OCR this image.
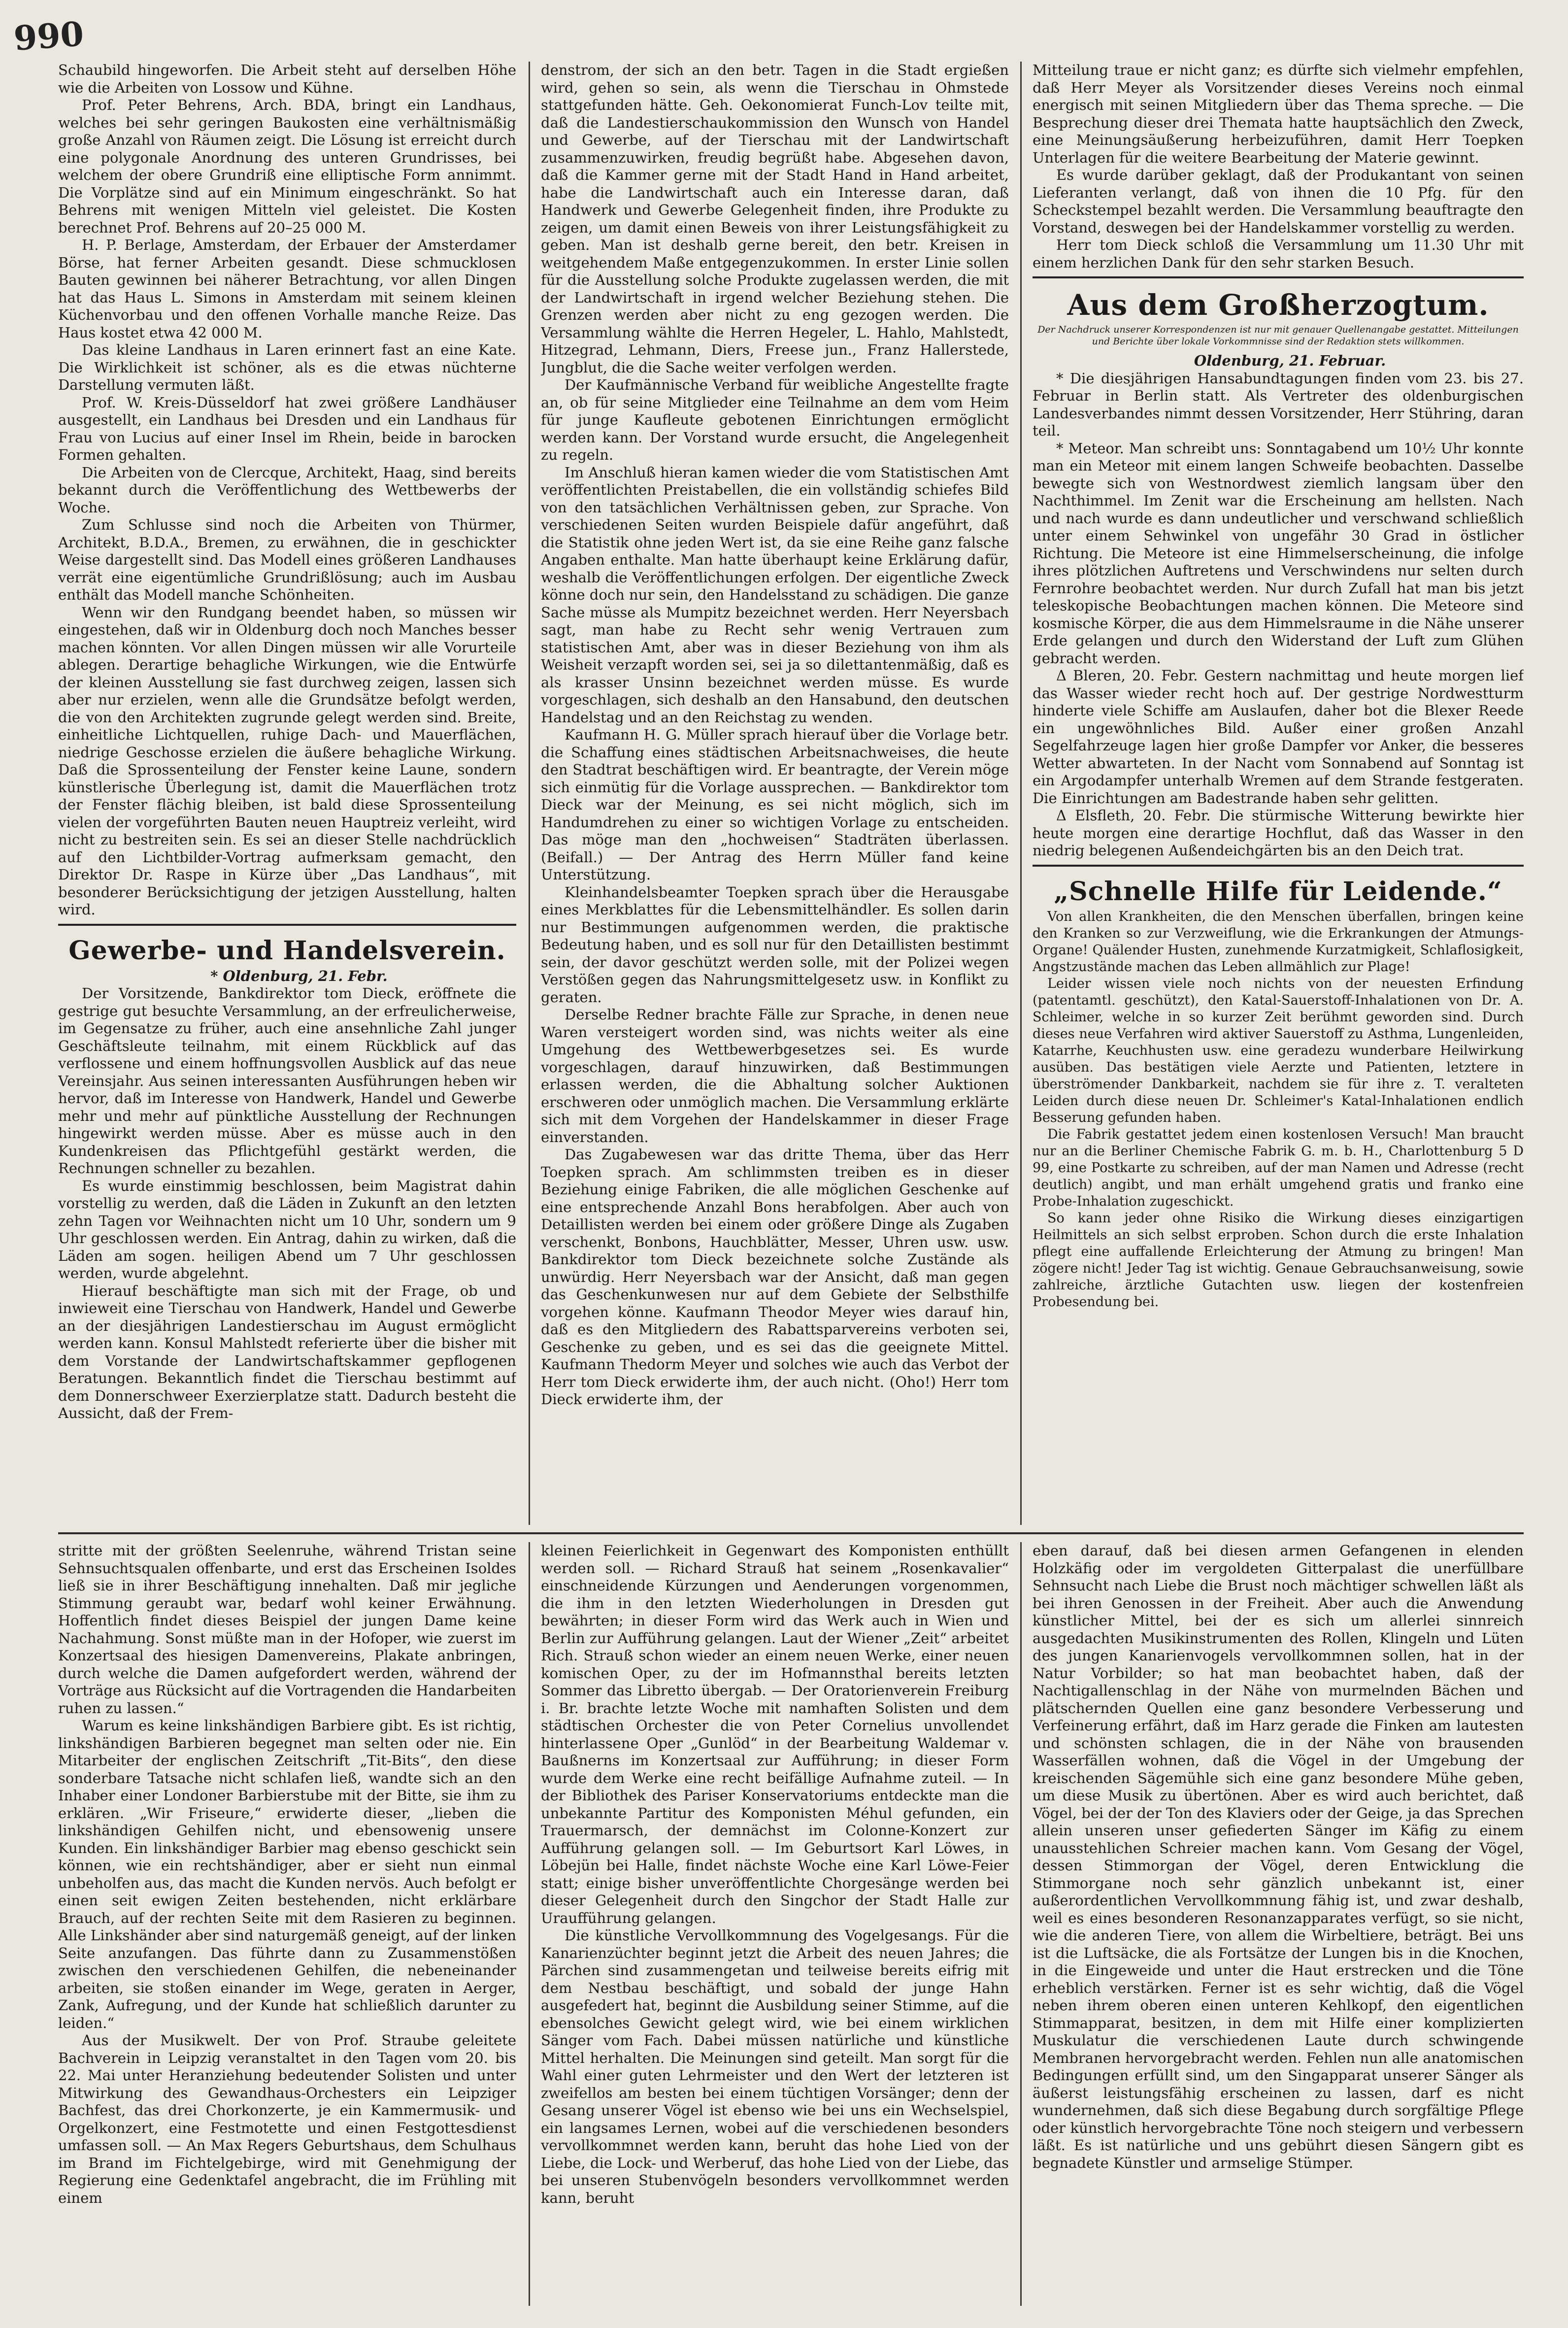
990

Schaubild hingeworfen. Die Arbeit steht auf derselben Höhe wie die Arbeiten von Lossow und Kühne.

Prof. Peter Behrens, Arch. BDA, bringt ein Landhaus, welches bei sehr geringen Baukosten eine verhältnismäßig große Anzahl von Räumen zeigt. Die Lösung ist erreicht durch eine polygonale Anordnung des unteren Grundrisses, bei welchem der obere Grundriß eine elliptische Form annimmt. Die Vorplätze sind auf ein Minimum eingeschränkt. So hat Behrens mit wenigen Mitteln viel geleistet. Die Kosten berechnet Prof. Behrens auf 20–25 000 M.

H. P. Berlage, Amsterdam, der Erbauer der Amsterdamer Börse, hat ferner Arbeiten gesandt. Diese schmucklosen Bauten gewinnen bei näherer Betrachtung, vor allen Dingen hat das Haus L. Simons in Amsterdam mit seinem kleinen Küchenvorbau und den offenen Vorhalle manche Reize. Das Haus kostet etwa 42 000 M.

Das kleine Landhaus in Laren erinnert fast an eine Kate. Die Wirklichkeit ist schöner, als es die etwas nüchterne Darstellung vermuten läßt.

Prof. W. Kreis-Düsseldorf hat zwei größere Landhäuser ausgestellt, ein Landhaus bei Dresden und ein Landhaus für Frau von Lucius auf einer Insel im Rhein, beide in barocken Formen gehalten.

Die Arbeiten von de Clercque, Architekt, Haag, sind bereits bekannt durch die Veröffentlichung des Wettbewerbs der Woche.

Zum Schlusse sind noch die Arbeiten von Thürmer, Architekt, B.D.A., Bremen, zu erwähnen, die in geschickter Weise dargestellt sind. Das Modell eines größeren Landhauses verrät eine eigentümliche Grundrißlösung; auch im Ausbau enthält das Modell manche Schönheiten.

Wenn wir den Rundgang beendet haben, so müssen wir eingestehen, daß wir in Oldenburg doch noch Manches besser machen könnten. Vor allen Dingen müssen wir alle Vorurteile ablegen. Derartige behagliche Wirkungen, wie die Entwürfe der kleinen Ausstellung sie fast durchweg zeigen, lassen sich aber nur erzielen, wenn alle die Grundsätze befolgt werden, die von den Architekten zugrunde gelegt werden sind. Breite, einheitliche Lichtquellen, ruhige Dach- und Mauerflächen, niedrige Geschosse erzielen die äußere behagliche Wirkung. Daß die Sprossenteilung der Fenster keine Laune, sondern künstlerische Überlegung ist, damit die Mauerflächen trotz der Fenster flächig bleiben, ist bald diese Sprossenteilung vielen der vorgeführten Bauten neuen Hauptreiz verleiht, wird nicht zu bestreiten sein. Es sei an dieser Stelle nachdrücklich auf den Lichtbilder-Vortrag aufmerksam gemacht, den Direktor Dr. Raspe in Kürze über „Das Landhaus“, mit besonderer Berücksichtigung der jetzigen Ausstellung, halten wird.

Gewerbe- und Handelsverein.

* Oldenburg, 21. Febr.

Der Vorsitzende, Bankdirektor tom Dieck, eröffnete die gestrige gut besuchte Versammlung, an der erfreulicherweise, im Gegensatze zu früher, auch eine ansehnliche Zahl junger Geschäftsleute teilnahm, mit einem Rückblick auf das verflossene und einem hoffnungsvollen Ausblick auf das neue Vereinsjahr. Aus seinen interessanten Ausführungen heben wir hervor, daß im Interesse von Handwerk, Handel und Gewerbe mehr und mehr auf pünktliche Ausstellung der Rechnungen hingewirkt werden müsse. Aber es müsse auch in den Kundenkreisen das Pflichtgefühl gestärkt werden, die Rechnungen schneller zu bezahlen.

Es wurde einstimmig beschlossen, beim Magistrat dahin vorstellig zu werden, daß die Läden in Zukunft an den letzten zehn Tagen vor Weihnachten nicht um 10 Uhr, sondern um 9 Uhr geschlossen werden. Ein Antrag, dahin zu wirken, daß die Läden am sogen. heiligen Abend um 7 Uhr geschlossen werden, wurde abgelehnt.

Hierauf beschäftigte man sich mit der Frage, ob und inwieweit eine Tierschau von Handwerk, Handel und Gewerbe an der diesjährigen Landestierschau im August ermöglicht werden kann. Konsul Mahlstedt referierte über die bisher mit dem Vorstande der Landwirtschaftskammer gepflogenen Beratungen. Bekanntlich findet die Tierschau bestimmt auf dem Donnerschweer Exerzierplatze statt. Dadurch besteht die Aussicht, daß der Frem-

denstrom, der sich an den betr. Tagen in die Stadt ergießen wird, gehen so sein, als wenn die Tierschau in Ohmstede stattgefunden hätte. Geh. Oekonomierat Funch-Lov teilte mit, daß die Landestierschaukommission den Wunsch von Handel und Gewerbe, auf der Tierschau mit der Landwirtschaft zusammenzuwirken, freudig begrüßt habe. Abgesehen davon, daß die Kammer gerne mit der Stadt Hand in Hand arbeitet, habe die Landwirtschaft auch ein Interesse daran, daß Handwerk und Gewerbe Gelegenheit finden, ihre Produkte zu zeigen, um damit einen Beweis von ihrer Leistungsfähigkeit zu geben. Man ist deshalb gerne bereit, den betr. Kreisen in weitgehendem Maße entgegenzukommen. In erster Linie sollen für die Ausstellung solche Produkte zugelassen werden, die mit der Landwirtschaft in irgend welcher Beziehung stehen. Die Grenzen werden aber nicht zu eng gezogen werden. Die Versammlung wählte die Herren Hegeler, L. Hahlo, Mahlstedt, Hitzegrad, Lehmann, Diers, Freese jun., Franz Hallerstede, Jungblut, die die Sache weiter verfolgen werden.

Der Kaufmännische Verband für weibliche Angestellte fragte an, ob für seine Mitglieder eine Teilnahme an dem vom Heim für junge Kaufleute gebotenen Einrichtungen ermöglicht werden kann. Der Vorstand wurde ersucht, die Angelegenheit zu regeln.

Im Anschluß hieran kamen wieder die vom Statistischen Amt veröffentlichten Preistabellen, die ein vollständig schiefes Bild von den tatsächlichen Verhältnissen geben, zur Sprache. Von verschiedenen Seiten wurden Beispiele dafür angeführt, daß die Statistik ohne jeden Wert ist, da sie eine Reihe ganz falsche Angaben enthalte. Man hatte überhaupt keine Erklärung dafür, weshalb die Veröffentlichungen erfolgen. Der eigentliche Zweck könne doch nur sein, den Handelsstand zu schädigen. Die ganze Sache müsse als Mumpitz bezeichnet werden. Herr Neyersbach sagt, man habe zu Recht sehr wenig Vertrauen zum statistischen Amt, aber was in dieser Beziehung von ihm als Weisheit verzapft worden sei, sei ja so dilettantenmäßig, daß es als krasser Unsinn bezeichnet werden müsse. Es wurde vorgeschlagen, sich deshalb an den Hansabund, den deutschen Handelstag und an den Reichstag zu wenden.

Kaufmann H. G. Müller sprach hierauf über die Vorlage betr. die Schaffung eines städtischen Arbeitsnachweises, die heute den Stadtrat beschäftigen wird. Er beantragte, der Verein möge sich einmütig für die Vorlage aussprechen. — Bankdirektor tom Dieck war der Meinung, es sei nicht möglich, sich im Handumdrehen zu einer so wichtigen Vorlage zu entscheiden. Das möge man den „hochweisen“ Stadträten überlassen. (Beifall.) — Der Antrag des Herrn Müller fand keine Unterstützung.

Kleinhandelsbeamter Toepken sprach über die Herausgabe eines Merkblattes für die Lebensmittelhändler. Es sollen darin nur Bestimmungen aufgenommen werden, die praktische Bedeutung haben, und es soll nur für den Detaillisten bestimmt sein, der davor geschützt werden solle, mit der Polizei wegen Verstößen gegen das Nahrungsmittelgesetz usw. in Konflikt zu geraten.

Derselbe Redner brachte Fälle zur Sprache, in denen neue Waren versteigert worden sind, was nichts weiter als eine Umgehung des Wettbewerbgesetzes sei. Es wurde vorgeschlagen, darauf hinzuwirken, daß Bestimmungen erlassen werden, die die Abhaltung solcher Auktionen erschweren oder unmöglich machen. Die Versammlung erklärte sich mit dem Vorgehen der Handelskammer in dieser Frage einverstanden.

Das Zugabewesen war das dritte Thema, über das Herr Toepken sprach. Am schlimmsten treiben es in dieser Beziehung einige Fabriken, die alle möglichen Geschenke auf eine entsprechende Anzahl Bons herabfolgen. Aber auch von Detaillisten werden bei einem oder größere Dinge als Zugaben verschenkt, Bonbons, Hauchblätter, Messer, Uhren usw. usw. Bankdirektor tom Dieck bezeichnete solche Zustände als unwürdig. Herr Neyersbach war der Ansicht, daß man gegen das Geschenkunwesen nur auf dem Gebiete der Selbsthilfe vorgehen könne. Kaufmann Theodor Meyer wies darauf hin, daß es den Mitgliedern des Rabattsparvereins verboten sei, Geschenke zu geben, und es sei das die geeignete Mittel. Kaufmann Thedorm Meyer und solches wie auch das Verbot der Herr tom Dieck erwiderte ihm, der auch nicht. (Oho!) Herr tom Dieck erwiderte ihm, der

Mitteilung traue er nicht ganz; es dürfte sich vielmehr empfehlen, daß Herr Meyer als Vorsitzender dieses Vereins noch einmal energisch mit seinen Mitgliedern über das Thema spreche. — Die Besprechung dieser drei Themata hatte hauptsächlich den Zweck, eine Meinungsäußerung herbeizuführen, damit Herr Toepken Unterlagen für die weitere Bearbeitung der Materie gewinnt.

Es wurde darüber geklagt, daß der Produkantant von seinen Lieferanten verlangt, daß von ihnen die 10 Pfg. für den Scheckstempel bezahlt werden. Die Versammlung beauftragte den Vorstand, deswegen bei der Handelskammer vorstellig zu werden.

Herr tom Dieck schloß die Versammlung um 11.30 Uhr mit einem herzlichen Dank für den sehr starken Besuch.

Aus dem Großherzogtum.
Der Nachdruck unserer Korrespondenzen ist nur mit genauer Quellenangabe gestattet. Mitteilungen und Berichte über lokale Vorkommnisse sind der Redaktion stets willkommen.

Oldenburg, 21. Februar.

* Die diesjährigen Hansabundtagungen finden vom 23. bis 27. Februar in Berlin statt. Als Vertreter des oldenburgischen Landesverbandes nimmt dessen Vorsitzender, Herr Stühring, daran teil.

* Meteor. Man schreibt uns: Sonntagabend um 10½ Uhr konnte man ein Meteor mit einem langen Schweife beobachten. Dasselbe bewegte sich von Westnordwest ziemlich langsam über den Nachthimmel. Im Zenit war die Erscheinung am hellsten. Nach und nach wurde es dann undeutlicher und verschwand schließlich unter einem Sehwinkel von ungefähr 30 Grad in östlicher Richtung. Die Meteore ist eine Himmelserscheinung, die infolge ihres plötzlichen Auftretens und Verschwindens nur selten durch Fernrohre beobachtet werden. Nur durch Zufall hat man bis jetzt teleskopische Beobachtungen machen können. Die Meteore sind kosmische Körper, die aus dem Himmelsraume in die Nähe unserer Erde gelangen und durch den Widerstand der Luft zum Glühen gebracht werden.

Δ Bleren, 20. Febr. Gestern nachmittag und heute morgen lief das Wasser wieder recht hoch auf. Der gestrige Nordwestturm hinderte viele Schiffe am Auslaufen, daher bot die Blexer Reede ein ungewöhnliches Bild. Außer einer großen Anzahl Segelfahrzeuge lagen hier große Dampfer vor Anker, die besseres Wetter abwarteten. In der Nacht vom Sonnabend auf Sonntag ist ein Argodampfer unterhalb Wremen auf dem Strande festgeraten. Die Einrichtungen am Badestrande haben sehr gelitten.

Δ Elsfleth, 20. Febr. Die stürmische Witterung bewirkte hier heute morgen eine derartige Hochflut, daß das Wasser in den niedrig belegenen Außendeichgärten bis an den Deich trat.

„Schnelle Hilfe für Leidende.“

Von allen Krankheiten, die den Menschen überfallen, bringen keine den Kranken so zur Verzweiflung, wie die Erkrankungen der Atmungs-Organe! Quälender Husten, zunehmende Kurzatmigkeit, Schlaflosigkeit, Angstzustände machen das Leben allmählich zur Plage!

Leider wissen viele noch nichts von der neuesten Erfindung (patentamtl. geschützt), den Katal-Sauerstoff-Inhalationen von Dr. A. Schleimer, welche in so kurzer Zeit berühmt geworden sind. Durch dieses neue Verfahren wird aktiver Sauerstoff zu Asthma, Lungenleiden, Katarrhe, Keuchhusten usw. eine geradezu wunderbare Heilwirkung ausüben. Das bestätigen viele Aerzte und Patienten, letztere in überströmender Dankbarkeit, nachdem sie für ihre z. T. veralteten Leiden durch diese neuen Dr. Schleimer's Katal-Inhalationen endlich Besserung gefunden haben.

Die Fabrik gestattet jedem einen kostenlosen Versuch! Man braucht nur an die Berliner Chemische Fabrik G. m. b. H., Charlottenburg 5 D 99, eine Postkarte zu schreiben, auf der man Namen und Adresse (recht deutlich) angibt, und man erhält umgehend gratis und franko eine Probe-Inhalation zugeschickt.

So kann jeder ohne Risiko die Wirkung dieses einzigartigen Heilmittels an sich selbst erproben. Schon durch die erste Inhalation pflegt eine auffallende Erleichterung der Atmung zu bringen! Man zögere nicht! Jeder Tag ist wichtig. Genaue Gebrauchsanweisung, sowie zahlreiche, ärztliche Gutachten usw. liegen der kostenfreien Probesendung bei.

stritte mit der größten Seelenruhe, während Tristan seine Sehnsuchtsqualen offenbarte, und erst das Erscheinen Isoldes ließ sie in ihrer Beschäftigung innehalten. Daß mir jegliche Stimmung geraubt war, bedarf wohl keiner Erwähnung. Hoffentlich findet dieses Beispiel der jungen Dame keine Nachahmung. Sonst müßte man in der Hofoper, wie zuerst im Konzertsaal des hiesigen Damenvereins, Plakate anbringen, durch welche die Damen aufgefordert werden, während der Vorträge aus Rücksicht auf die Vortragenden die Handarbeiten ruhen zu lassen.“

Warum es keine linkshändigen Barbiere gibt. Es ist richtig, linkshändigen Barbieren begegnet man selten oder nie. Ein Mitarbeiter der englischen Zeitschrift „Tit-Bits“, den diese sonderbare Tatsache nicht schlafen ließ, wandte sich an den Inhaber einer Londoner Barbierstube mit der Bitte, sie ihm zu erklären. „Wir Friseure,“ erwiderte dieser, „lieben die linkshändigen Gehilfen nicht, und ebensowenig unsere Kunden. Ein linkshändiger Barbier mag ebenso geschickt sein können, wie ein rechtshändiger, aber er sieht nun einmal unbeholfen aus, das macht die Kunden nervös. Auch befolgt er einen seit ewigen Zeiten bestehenden, nicht erklärbare Brauch, auf der rechten Seite mit dem Rasieren zu beginnen. Alle Linkshänder aber sind naturgemäß geneigt, auf der linken Seite anzufangen. Das führte dann zu Zusammenstößen zwischen den verschiedenen Gehilfen, die nebeneinander arbeiten, sie stoßen einander im Wege, geraten in Aerger, Zank, Aufregung, und der Kunde hat schließlich darunter zu leiden.“

Aus der Musikwelt. Der von Prof. Straube geleitete Bachverein in Leipzig veranstaltet in den Tagen vom 20. bis 22. Mai unter Heranziehung bedeutender Solisten und unter Mitwirkung des Gewandhaus-Orchesters ein Leipziger Bachfest, das drei Chorkonzerte, je ein Kammermusik- und Orgelkonzert, eine Festmotette und einen Festgottesdienst umfassen soll. — An Max Regers Geburtshaus, dem Schulhaus im Brand im Fichtelgebirge, wird mit Genehmigung der Regierung eine Gedenktafel angebracht, die im Frühling mit einem

kleinen Feierlichkeit in Gegenwart des Komponisten enthüllt werden soll. — Richard Strauß hat seinem „Rosenkavalier“ einschneidende Kürzungen und Aenderungen vorgenommen, die ihm in den letzten Wiederholungen in Dresden gut bewährten; in dieser Form wird das Werk auch in Wien und Berlin zur Aufführung gelangen. Laut der Wiener „Zeit“ arbeitet Rich. Strauß schon wieder an einem neuen Werke, einer neuen komischen Oper, zu der im Hofmannsthal bereits letzten Sommer das Libretto übergab. — Der Oratorienverein Freiburg i. Br. brachte letzte Woche mit namhaften Solisten und dem städtischen Orchester die von Peter Cornelius unvollendet hinterlassene Oper „Gunlöd“ in der Bearbeitung Waldemar v. Baußnerns im Konzertsaal zur Aufführung; in dieser Form wurde dem Werke eine recht beifällige Aufnahme zuteil. — In der Bibliothek des Pariser Konservatoriums entdeckte man die unbekannte Partitur des Komponisten Méhul gefunden, ein Trauermarsch, der demnächst im Colonne-Konzert zur Aufführung gelangen soll. — Im Geburtsort Karl Löwes, in Löbejün bei Halle, findet nächste Woche eine Karl Löwe-Feier statt; einige bisher unveröffentlichte Chorgesänge werden bei dieser Gelegenheit durch den Singchor der Stadt Halle zur Uraufführung gelangen.

Die künstliche Vervollkommnung des Vogelgesangs. Für die Kanarienzüchter beginnt jetzt die Arbeit des neuen Jahres; die Pärchen sind zusammengetan und teilweise bereits eifrig mit dem Nestbau beschäftigt, und sobald der junge Hahn ausgefedert hat, beginnt die Ausbildung seiner Stimme, auf die ebensolches Gewicht gelegt wird, wie bei einem wirklichen Sänger vom Fach. Dabei müssen natürliche und künstliche Mittel herhalten. Die Meinungen sind geteilt. Man sorgt für die Wahl einer guten Lehrmeister und den Wert der letzteren ist zweifellos am besten bei einem tüchtigen Vorsänger; denn der Gesang unserer Vögel ist ebenso wie bei uns ein Wechselspiel, ein langsames Lernen, wobei auf die verschiedenen besonders vervollkommnet werden kann, beruht das hohe Lied von der Liebe, die Lock- und Werberuf, das hohe Lied von der Liebe, das bei unseren Stubenvögeln besonders vervollkommnet werden kann, beruht

eben darauf, daß bei diesen armen Gefangenen in elenden Holzkäfig oder im vergoldeten Gitterpalast die unerfüllbare Sehnsucht nach Liebe die Brust noch mächtiger schwellen läßt als bei ihren Genossen in der Freiheit. Aber auch die Anwendung künstlicher Mittel, bei der es sich um allerlei sinnreich ausgedachten Musikinstrumenten des Rollen, Klingeln und Lüten des jungen Kanarienvogels vervollkommnen sollen, hat in der Natur Vorbilder; so hat man beobachtet haben, daß der Nachtigallenschlag in der Nähe von murmelnden Bächen und plätschernden Quellen eine ganz besondere Verbesserung und Verfeinerung erfährt, daß im Harz gerade die Finken am lautesten und schönsten schlagen, die in der Nähe von brausenden Wasserfällen wohnen, daß die Vögel in der Umgebung der kreischenden Sägemühle sich eine ganz besondere Mühe geben, um diese Musik zu übertönen. Aber es wird auch berichtet, daß Vögel, bei der der Ton des Klaviers oder der Geige, ja das Sprechen allein unseren unser gefiederten Sänger im Käfig zu einem unausstehlichen Schreier machen kann. Vom Gesang der Vögel, dessen Stimmorgan der Vögel, deren Entwicklung die Stimmorgane noch sehr gänzlich unbekannt ist, einer außerordentlichen Vervollkommnung fähig ist, und zwar deshalb, weil es eines besonderen Resonanzapparates verfügt, so sie nicht, wie die anderen Tiere, von allem die Wirbeltiere, beträgt. Bei uns ist die Luftsäcke, die als Fortsätze der Lungen bis in die Knochen, in die Eingeweide und unter die Haut erstrecken und die Töne erheblich verstärken. Ferner ist es sehr wichtig, daß die Vögel neben ihrem oberen einen unteren Kehlkopf, den eigentlichen Stimmapparat, besitzen, in dem mit Hilfe einer komplizierten Muskulatur die verschiedenen Laute durch schwingende Membranen hervorgebracht werden. Fehlen nun alle anatomischen Bedingungen erfüllt sind, um den Singapparat unserer Sänger als äußerst leistungsfähig erscheinen zu lassen, darf es nicht wundernehmen, daß sich diese Begabung durch sorgfältige Pflege oder künstlich hervorgebrachte Töne noch steigern und verbessern läßt. Es ist natürliche und uns gebührt diesen Sängern gibt es begnadete Künstler und armselige Stümper.
